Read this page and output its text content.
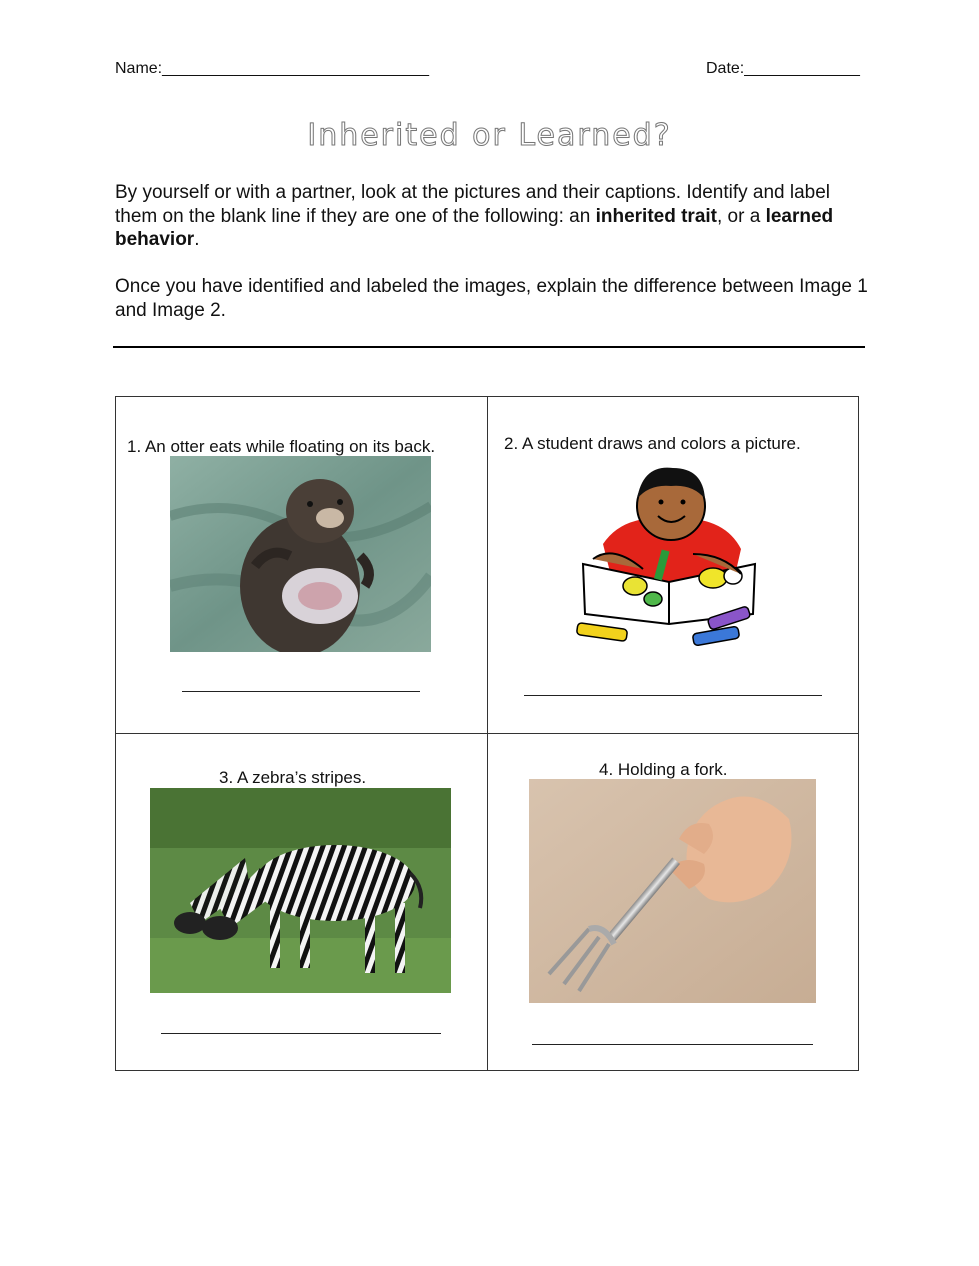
Name:______________________________	Date:_____________
Inherited or Learned?
By yourself or with a partner, look at the pictures and their captions. Identify and label them on the blank line if they are one of the following: an inherited trait, or a learned behavior.
Once you have identified and labeled the images, explain the difference between Image 1 and Image 2.
1. An otter eats while floating on its back.	2. A student draws and colors a picture.
3. A zebra’s stripes.	4. Holding a fork.
